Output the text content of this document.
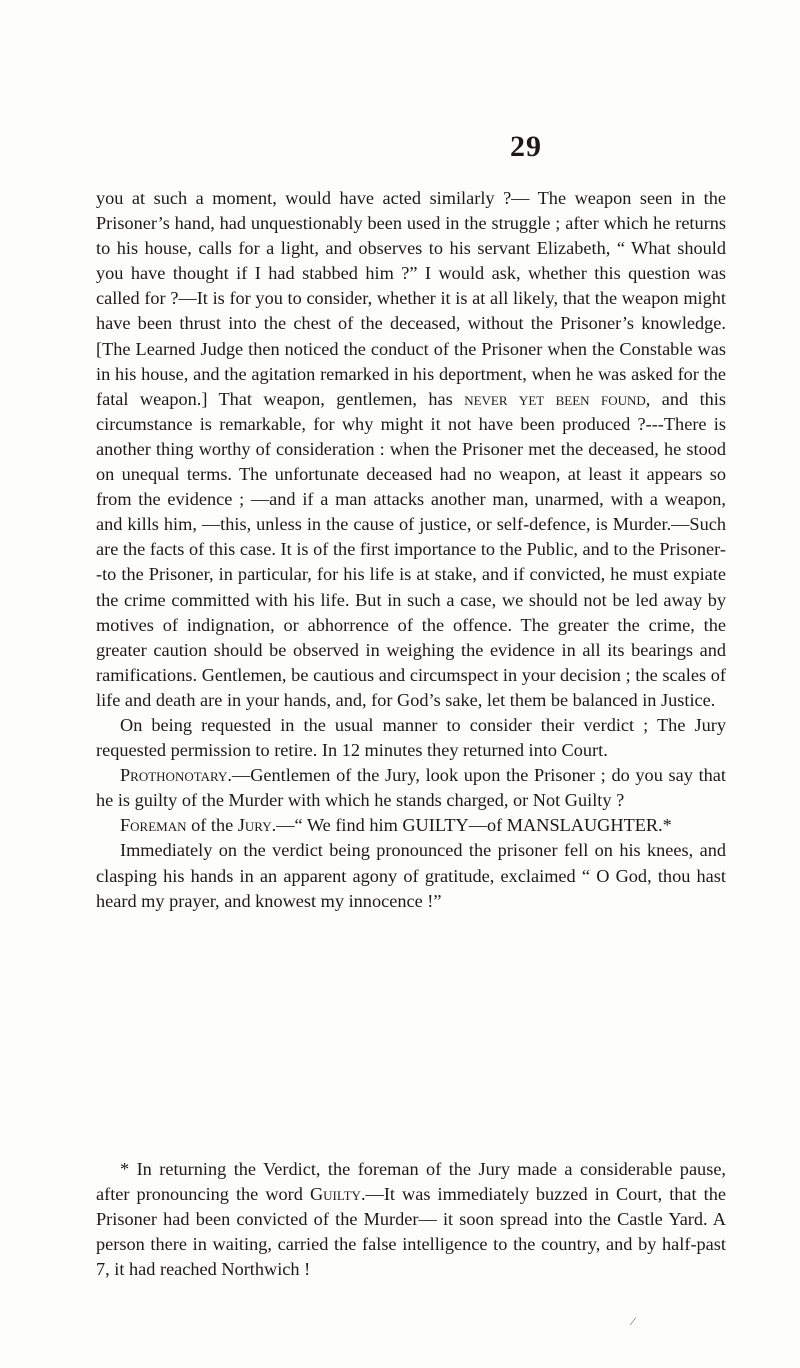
29

you at such a moment, would have acted similarly ?— The weapon seen in the Prisoner’s hand, had unquestionably been used in the struggle ; after which he returns to his house, calls for a light, and observes to his servant Elizabeth, “ What should you have thought if I had stabbed him ?” I would ask, whether this question was called for ?—It is for you to consider, whether it is at all likely, that the weapon might have been thrust into the chest of the deceased, without the Prisoner’s knowledge. [The Learned Judge then noticed the conduct of the Prisoner when the Constable was in his house, and the agitation remarked in his deportment, when he was asked for the fatal weapon.] That weapon, gentlemen, has never yet been found, and this circumstance is remarkable, for why might it not have been produced ?---There is another thing worthy of consideration : when the Prisoner met the deceased, he stood on unequal terms. The unfortunate deceased had no weapon, at least it appears so from the evidence ; —and if a man attacks another man, unarmed, with a weapon, and kills him, —this, unless in the cause of justice, or self-defence, is Murder.—Such are the facts of this case. It is of the first importance to the Public, and to the Prisoner--to the Prisoner, in particular, for his life is at stake, and if convicted, he must expiate the crime committed with his life. But in such a case, we should not be led away by motives of indignation, or abhorrence of the offence. The greater the crime, the greater caution should be observed in weighing the evidence in all its bearings and ramifications. Gentlemen, be cautious and circumspect in your decision ; the scales of life and death are in your hands, and, for God’s sake, let them be balanced in Justice.

On being requested in the usual manner to consider their verdict ; The Jury requested permission to retire. In 12 minutes they returned into Court.

Prothonotary.—Gentlemen of the Jury, look upon the Prisoner ; do you say that he is guilty of the Murder with which he stands charged, or Not Guilty ?

Foreman of the Jury.—“ We find him GUILTY—of MANSLAUGHTER.*

Immediately on the verdict being pronounced the prisoner fell on his knees, and clasping his hands in an apparent agony of gratitude, exclaimed “ O God, thou hast heard my prayer, and knowest my innocence !”

* In returning the Verdict, the foreman of the Jury made a considerable pause, after pronouncing the word Guilty.—It was immediately buzzed in Court, that the Prisoner had been convicted of the Murder— it soon spread into the Castle Yard. A person there in waiting, carried the false intelligence to the country, and by half-past 7, it had reached Northwich !
⁄
